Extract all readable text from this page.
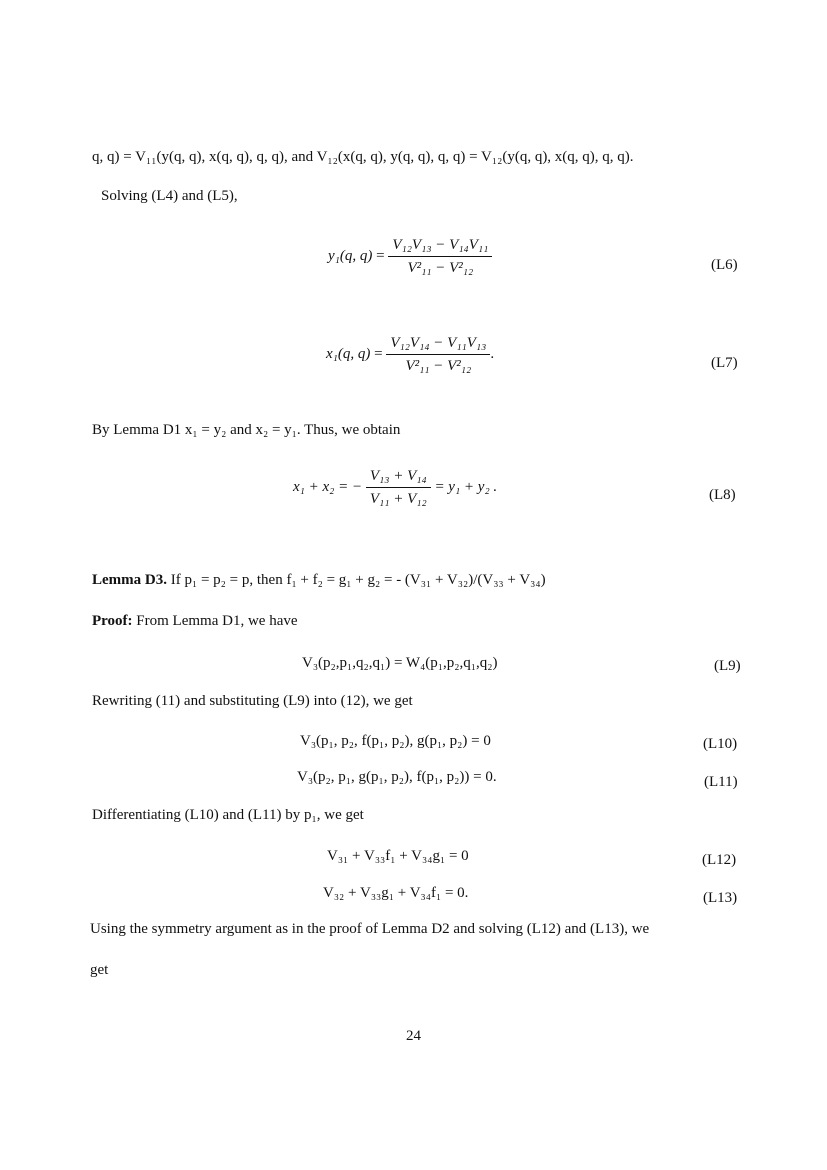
q, q) = V₁₁(y(q, q), x(q, q), q, q), and V₁₂(x(q, q), y(q, q), q, q) = V₁₂(y(q, q), x(q, q), q, q).
Solving (L4) and (L5),
y₁(q, $q) = \frac{\text{V₁₂V₁₃ − V₁₄V₁₁}}{\text{V²₁₁ − V²₁₂}}$	(L6)
x₁(q, $q) = \frac{\text{V₁₂V₁₄ − V₁₁V₁₃}}{\text{V²₁₁ − V²₁₂}}$ .
(L7)
By Lemma D1 x₁ = y₂ and x₂ = y₁. Thus, we obtain
x₁ + x₂ = − $\frac{\text{V₁₃ + V₁₄}}{\text{V₁₁ + V₁₂}} = y_1 + y_2$ .
(L8)
Lemma D3. If p₁ = p₂ = p, then f₁ + f₂ = g₁ + g₂ = - (V₃₁ + V₃₂)/(V₃₃ + V₃₄)
Proof: From Lemma D1, we have
V₃(p₂,p₁,q₂,q₁) = W₄(p₁,p₂,q₁,q₂)	(L9)
Rewriting (11) and substituting (L9) into (12), we get
V₃(p₁, p₂, f(p₁, p₂), g(p₁, p₂) = 0	(L10)
V₃(p₂, p₁, g(p₁, p₂), f(p₁, p₂)) = 0.	(L11)
Differentiating (L10) and (L11) by p₁, we get
V₃₁ + V₃₃f₁ + V₃₄g₁ = 0	(L12)
V₃₂ + V₃₃g₁ + V₃₄f₁ = 0.	(L13)
Using the symmetry argument as in the proof of Lemma D2 and solving (L12) and (L13), we
get
24
